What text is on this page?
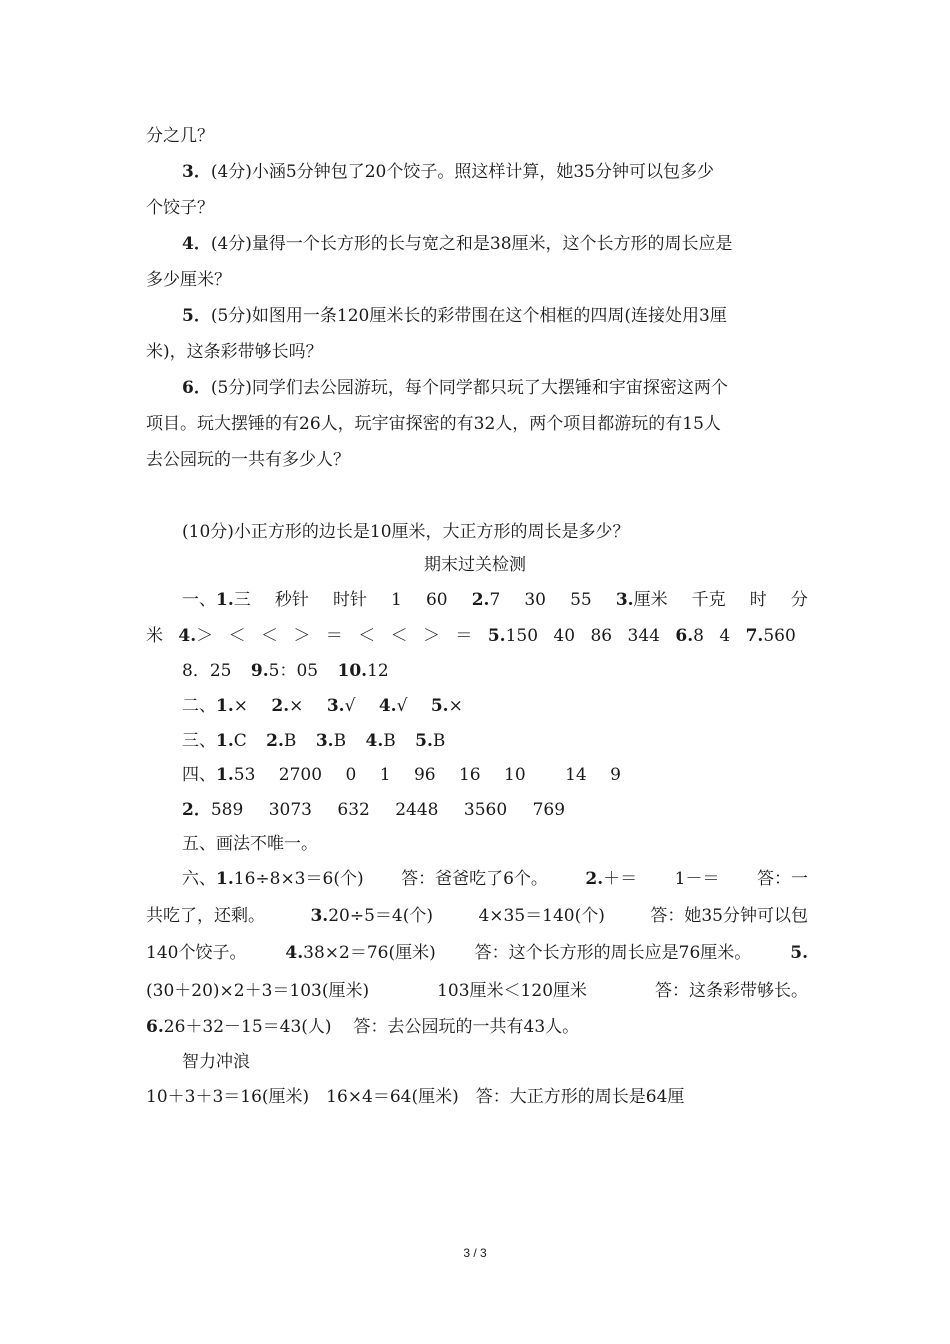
分之几？
3．(4分)小涵5分钟包了20个饺子。照这样计算，她35分钟可以包多少
个饺子？
4．(4分)量得一个长方形的长与宽之和是38厘米，这个长方形的周长应是
多少厘米？
5．(5分)如图用一条120厘米长的彩带围在这个相框的四周(连接处用3厘
米)，这条彩带够长吗？
6．(5分)同学们去公园游玩，每个同学都只玩了大摆锤和宇宙探密这两个
项目。玩大摆锤的有26人，玩宇宙探密的有32人，两个项目都游玩的有15人
去公园玩的一共有多少人？
(10分)小正方形的边长是10厘米，大正方形的周长是多少？
期末过关检测
一、1.三 秒针 时针 1 60 2.7 30 55 3.厘米 千克 时 分
米 4.＞ ＜ ＜ ＞ ＝ ＜ ＜ ＞ ＝ 5.150 40 86 344 6.8 4 7.560
8．25 9.5：05 10.12
二、1.× 2.× 3.√ 4.√ 5.×
三、1.C 2.B 3.B 4.B 5.B
四、1.53 2700 0 1 96 16 10 14 9
2．589 3073 632 2448 3560 769
五、画法不唯一。
六、1.16÷8×3＝6(个) 答：爸爸吃了6个。 2.＋＝ 1－＝ 答：一
共吃了，还剩。	3.20÷5＝4(个)	4×35＝140(个)	答：她35分钟可以包
140个饺子。 4.38×2＝76(厘米) 答：这个长方形的周长应是76厘米。 5.
(30＋20)×2＋3＝103(厘米)	103厘米＜120厘米	答：这条彩带够长。
6.26＋32－15＝43(人) 答：去公园玩的一共有43人。
智力冲浪
10＋3＋3＝16(厘米)　16×4＝64(厘米)　答：大正方形的周长是64厘
3 / 3
